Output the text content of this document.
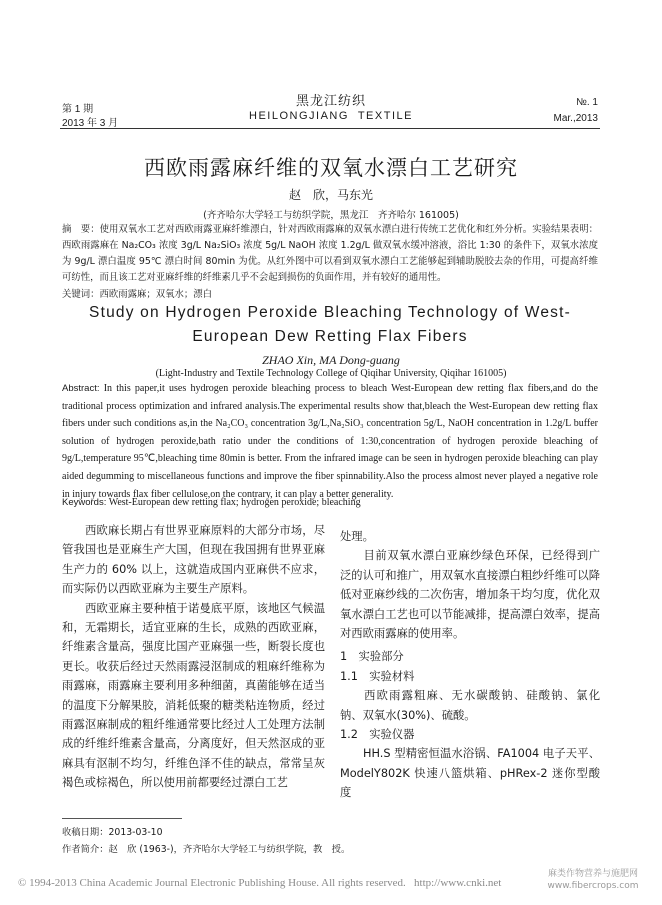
第 1 期
2013 年 3 月
黑龙江纺织
HEILONGJIANG  TEXTILE
№. 1
Mar.,2013
西欧雨露麻纤维的双氧水漂白工艺研究
赵　欣，马东光
(齐齐哈尔大学轻工与纺织学院，黑龙江　齐齐哈尔 161005)
摘　要：使用双氧水工艺对西欧雨露亚麻纤维漂白，针对西欧雨露麻的双氧水漂白进行传统工艺优化和红外分析。实验结果表明：西欧雨露麻在 Na₂CO₃ 浓度 3g/L Na₂SiO₃ 浓度 5g/L NaOH 浓度 1.2g/L 做双氧水缓冲溶液，浴比 1:30 的条件下，双氧水浓度为 9g/L 漂白温度 95℃ 漂白时间 80min 为优。从红外图中可以看到双氧水漂白工艺能够起到辅助脱胶去杂的作用，可提高纤维可纺性，而且该工艺对亚麻纤维的纤维素几乎不会起到损伤的负面作用，并有较好的通用性。
关键词：西欧雨露麻；双氧水；漂白
Study on Hydrogen Peroxide Bleaching Technology of West-European Dew Retting Flax Fibers
ZHAO Xin, MA Dong-guang
(Light-Industry and Textile Technology College of Qiqihar University, Qiqihar 161005)
Abstract: In this paper,it uses hydrogen peroxide bleaching process to bleach West-European dew retting flax fibers,and do the traditional process optimization and infrared analysis.The experimental results show that,bleach the West-European dew retting flax fibers under such conditions as,in the Na₂CO₃ concentration 3g/L,Na₂SiO₃ concentration 5g/L, NaOH concentration in 1.2g/L buffer solution of hydrogen peroxide,bath ratio under the conditions of 1:30,concentration of hydrogen peroxide bleaching of 9g/L,temperature 95℃,bleaching time 80min is better. From the infrared image can be seen in hydrogen peroxide bleaching can play aided degumming to miscellaneous functions and improve the fiber spinnability.Also the process almost never played a negative role in injury towards flax fiber cellulose,on the contrary, it can play a better generality.
Keywords: West-European dew retting flax; hydrogen peroxide; bleaching
西欧麻长期占有世界亚麻原料的大部分市场，尽管我国也是亚麻生产大国，但现在我国拥有世界亚麻生产力的 60% 以上，这就造成国内亚麻供不应求，而实际仍以西欧亚麻为主要生产原料。
西欧亚麻主要种植于诺曼底平原，该地区气候温和，无霜期长，适宜亚麻的生长，成熟的西欧亚麻，纤维素含量高，强度比国产亚麻强一些，断裂长度也更长。收获后经过天然雨露浸沤制成的粗麻纤维称为雨露麻，雨露麻主要利用多种细菌，真菌能够在适当的温度下分解果胶，消耗低聚的糖类粘连物质，经过雨露沤麻制成的粗纤维通常要比经过人工处理方法制成的纤维纤维素含量高，分离度好，但天然沤成的亚麻具有沤制不均匀，纤维色泽不佳的缺点，常常呈灰褐色或棕褐色，所以使用前都要经过漂白工艺
处理。
目前双氧水漂白亚麻纱绿色环保，已经得到广泛的认可和推广，用双氧水直接漂白粗纱纤维可以降低对亚麻纱线的二次伤害，增加条干均匀度，优化双氧水漂白工艺也可以节能减排，提高漂白效率，提高对西欧雨露麻的使用率。
1　实验部分
1.1　实验材料
西欧雨露粗麻、无水碳酸钠、硅酸钠、氯化钠、双氧水(30%)、硫酸。
1.2　实验仪器
HH.S 型精密恒温水浴锅、FA1004 电子天平、ModelY802K 快速八篮烘箱、pHRex-2 迷你型酸度
收稿日期：2013-03-10
作者简介：赵　欣 (1963-)，齐齐哈尔大学轻工与纺织学院，教　授。
© 1994-2013 China Academic Journal Electronic Publishing House. All rights reserved.   http://www.cnki.net
麻类作物营养与施肥网 www.fibercrops.com
